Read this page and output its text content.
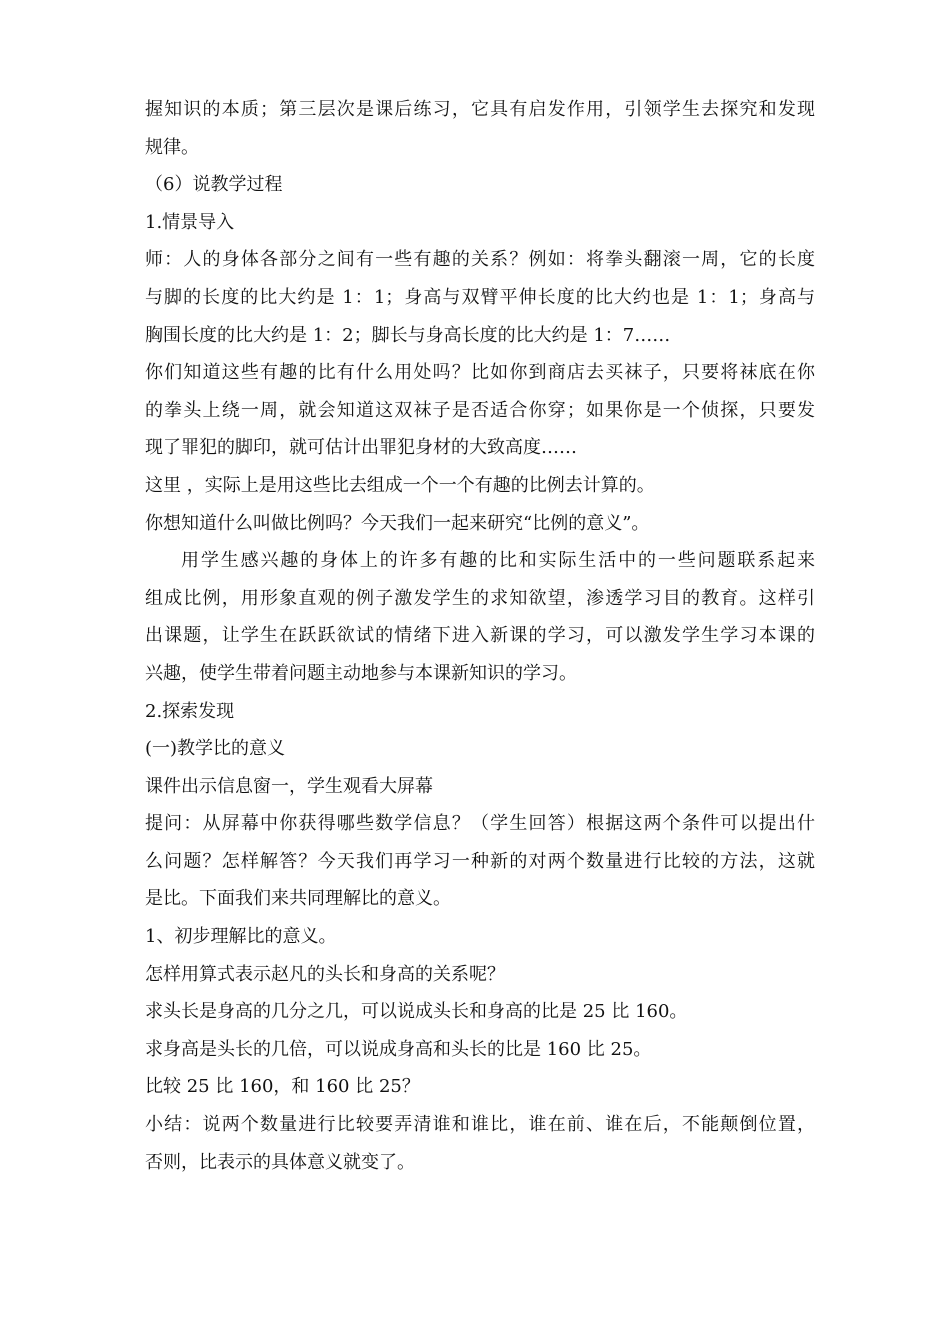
握知识的本质；第三层次是课后练习，它具有启发作用，引领学生去探究和发现
规律。
（6）说教学过程
1.情景导入
师：人的身体各部分之间有一些有趣的关系？例如：将拳头翻滚一周，它的长度
与脚的长度的比大约是 1：1；身高与双臂平伸长度的比大约也是 1：1；身高与
胸围长度的比大约是 1：2；脚长与身高长度的比大约是 1：7……
你们知道这些有趣的比有什么用处吗？比如你到商店去买袜子，只要将袜底在你
的拳头上绕一周，就会知道这双袜子是否适合你穿；如果你是一个侦探，只要发
现了罪犯的脚印，就可估计出罪犯身材的大致高度……
这里 ，实际上是用这些比去组成一个一个有趣的比例去计算的。
你想知道什么叫做比例吗？今天我们一起来研究“比例的意义”。
用学生感兴趣的身体上的许多有趣的比和实际生活中的一些问题联系起来
组成比例，用形象直观的例子激发学生的求知欲望，渗透学习目的教育。这样引
出课题，让学生在跃跃欲试的情绪下进入新课的学习，可以激发学生学习本课的
兴趣，使学生带着问题主动地参与本课新知识的学习。
2.探索发现
(一)教学比的意义
课件出示信息窗一，学生观看大屏幕
提问：从屏幕中你获得哪些数学信息？（学生回答）根据这两个条件可以提出什
么问题？怎样解答？今天我们再学习一种新的对两个数量进行比较的方法，这就
是比。下面我们来共同理解比的意义。
1、初步理解比的意义。
怎样用算式表示赵凡的头长和身高的关系呢？
求头长是身高的几分之几，可以说成头长和身高的比是 25 比 160。
求身高是头长的几倍，可以说成身高和头长的比是 160 比 25。
比较 25 比 160，和 160 比 25？
小结：说两个数量进行比较要弄清谁和谁比，谁在前、谁在后，不能颠倒位置，
否则，比表示的具体意义就变了。
